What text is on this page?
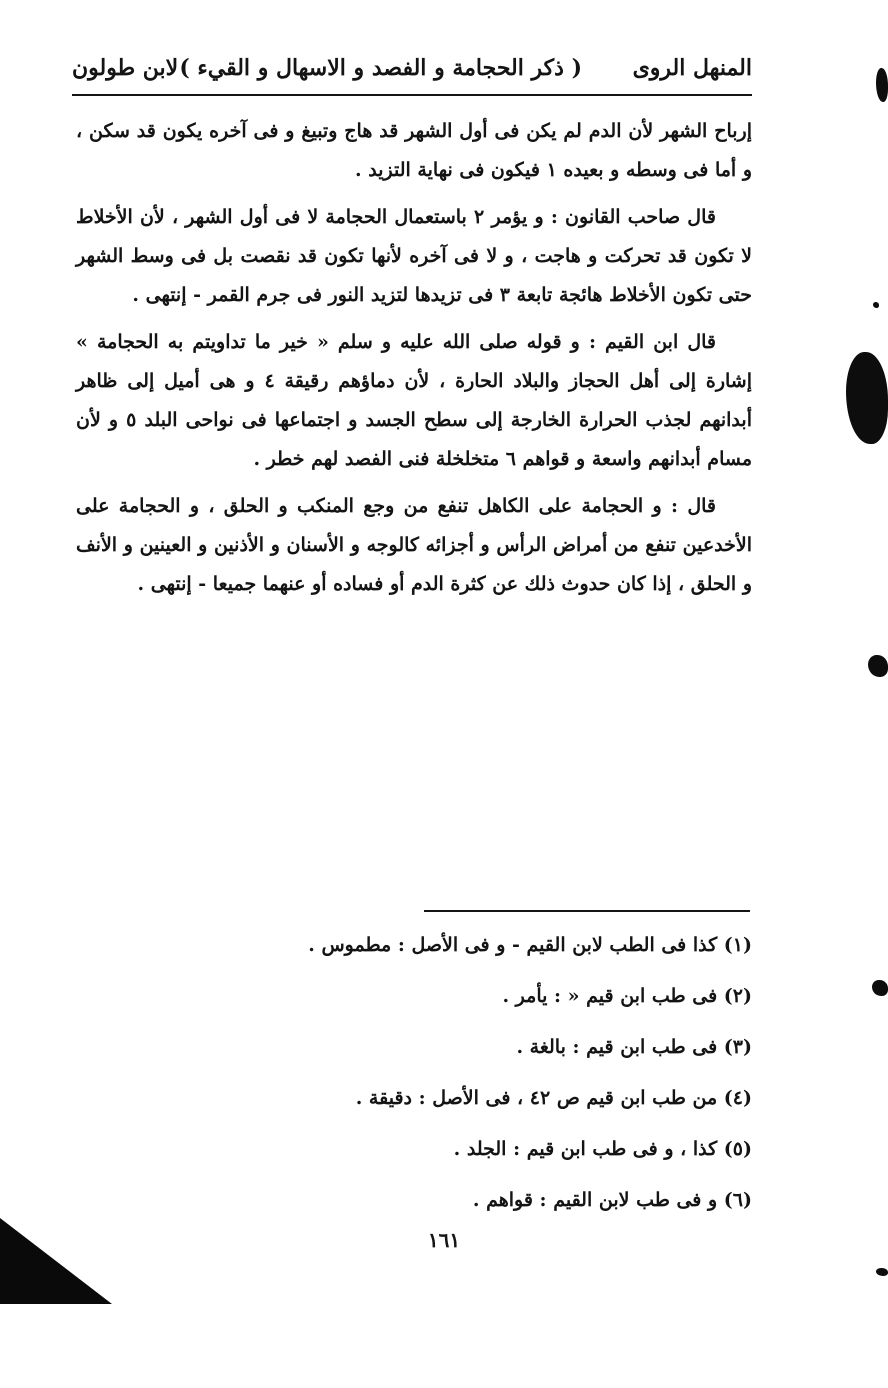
المنهل الروى
( ذكر الحجامة و الفصد و الاسهال و القيء )
لابن طولون

إرباح الشهر لأن الدم لم يكن فى أول الشهر قد هاج وتبيغ و فى آخره يكون قد سكن ، و أما فى وسطه و بعيده ١ فيكون فى نهاية التزيد .

قال صاحب القانون : و يؤمر ٢ باستعمال الحجامة لا فى أول الشهر ، لأن الأخلاط لا تكون قد تحركت و هاجت ، و لا فى آخره لأنها تكون قد نقصت بل فى وسط الشهر حتى تكون الأخلاط هائجة تابعة ٣ فى تزيدها لتزيد النور فى جرم القمر - إنتهى .

قال ابن القيم : و قوله صلى الله عليه و سلم « خير ما تداويتم به الحجامة » إشارة إلى أهل الحجاز والبلاد الحارة ، لأن دماؤهم رقيقة ٤ و هى أميل إلى ظاهر أبدانهم لجذب الحرارة الخارجة إلى سطح الجسد و اجتماعها فى نواحى البلد ٥ و لأن مسام أبدانهم واسعة و قواهم ٦ متخلخلة فنى الفصد لهم خطر .

قال : و الحجامة على الكاهل تنفع من وجع المنكب و الحلق ، و الحجامة على الأخدعين تنفع من أمراض الرأس و أجزائه كالوجه و الأسنان و الأذنين و العينين و الأنف و الحلق ، إذا كان حدوث ذلك عن كثرة الدم أو فساده أو عنهما جميعا - إنتهى .

(١) كذا فى الطب لابن القيم - و فى الأصل : مطموس .
(٢) فى طب ابن قيم « : يأمر .
(٣) فى طب ابن قيم : بالغة .
(٤) من طب ابن قيم ص ٤٢ ، فى الأصل : دقيقة .
(٥) كذا ، و فى طب ابن قيم : الجلد .
(٦) و فى طب لابن القيم : قواهم .
١٦١
